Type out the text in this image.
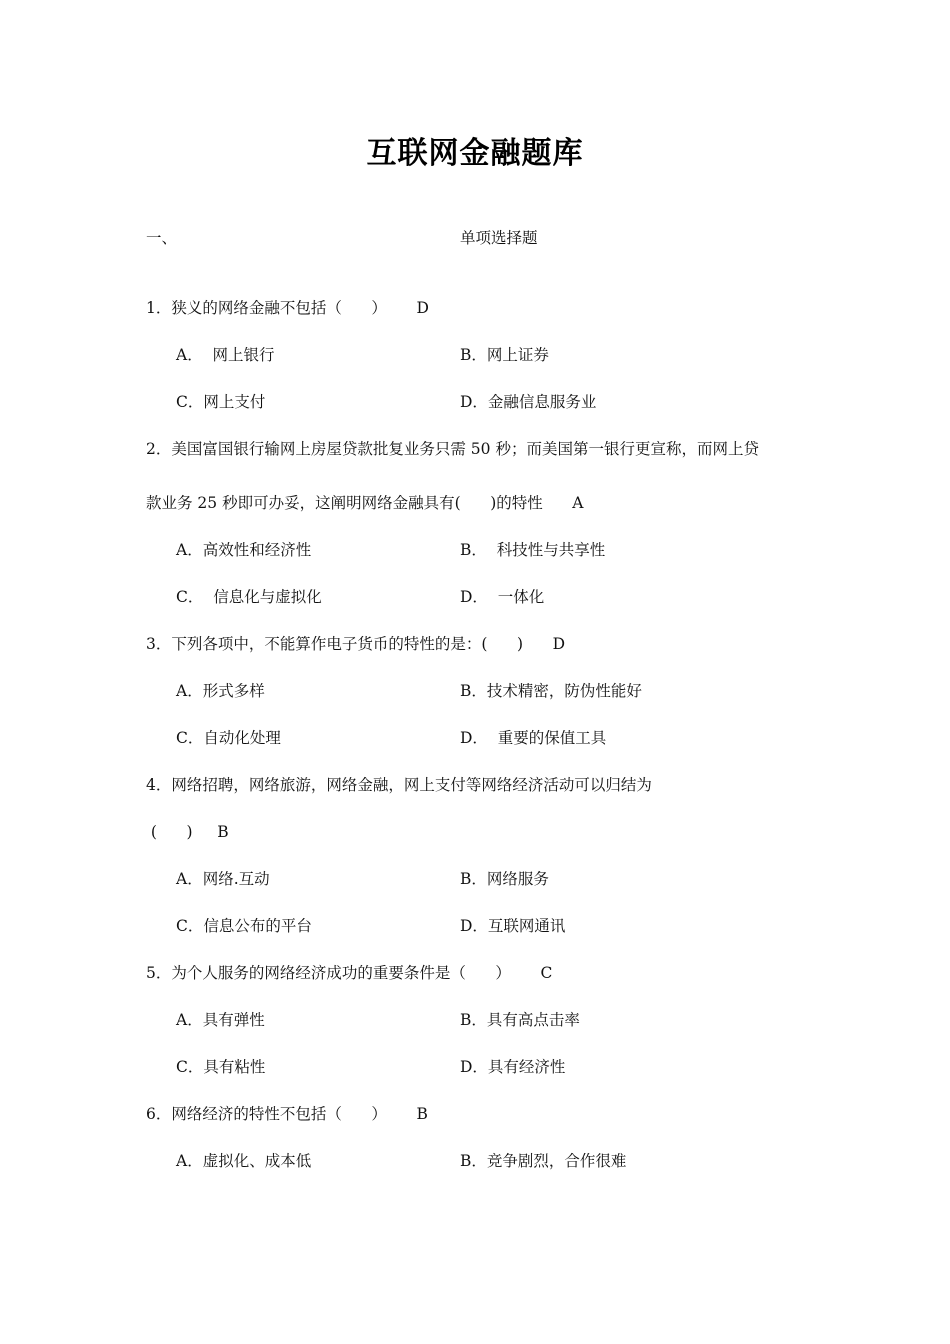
互联网金融题库
一、	单项选择题
1．狭义的网络金融不包括（      ）      D
A．  网上银行	B．网上证券
C．网上支付	D．金融信息服务业
2．美国富国银行输网上房屋贷款批复业务只需 50 秒；而美国第一银行更宣称，而网上贷
款业务 25 秒即可办妥，这阐明网络金融具有(      )的特性      A
A．高效性和经济性	B．  科技性与共享性
C．  信息化与虚拟化	D．  一体化
3．下列各项中，不能算作电子货币的特性的是：(      )      D
A．形式多样	B．技术精密，防伪性能好
C．自动化处理	D．  重要的保值工具
4．网络招聘，网络旅游，网络金融，网上支付等网络经济活动可以归结为
(      )     B
A．网络.互动	B．网络服务
C．信息公布的平台	D．互联网通讯
5．为个人服务的网络经济成功的重要条件是（      ）      C
A．具有弹性	B．具有高点击率
C．具有粘性	D．具有经济性
6．网络经济的特性不包括（      ）      B
A．虚拟化、成本低	B．竞争剧烈，合作很难
